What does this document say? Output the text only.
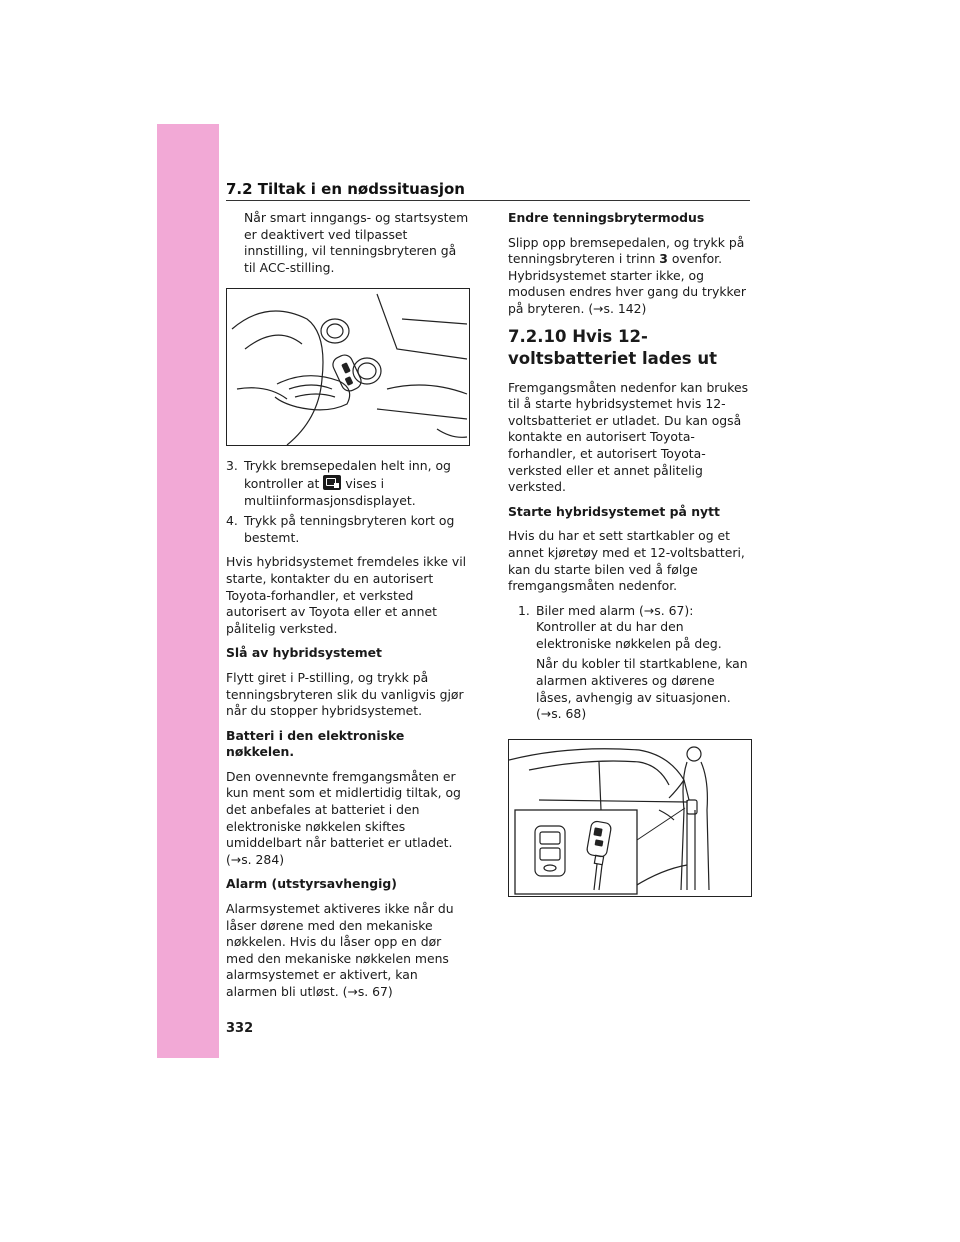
7.2 Tiltak i en nødssituasjon
Når smart inngangs- og startsystem er deaktivert ved tilpasset innstilling, vil tenningsbryteren gå til ACC-stilling.
3. Trykk bremsepedalen helt inn, og kontroller at vises i multiinformasjonsdisplayet.
4. Trykk på tenningsbryteren kort og bestemt.
Hvis hybridsystemet fremdeles ikke vil starte, kontakter du en autorisert Toyota-forhandler, et verksted autorisert av Toyota eller et annet pålitelig verksted.
Slå av hybridsystemet
Flytt giret i P-stilling, og trykk på tenningsbryteren slik du vanligvis gjør når du stopper hybridsystemet.
Batteri i den elektroniske nøkkelen.
Den ovennevnte fremgangsmåten er kun ment som et midlertidig tiltak, og det anbefales at batteriet i den elektroniske nøkkelen skiftes umiddelbart når batteriet er utladet. (→s. 284)
Alarm (utstyrsavhengig)
Alarmsystemet aktiveres ikke når du låser dørene med den mekaniske nøkkelen. Hvis du låser opp en dør med den mekaniske nøkkelen mens alarmsystemet er aktivert, kan alarmen bli utløst. (→s. 67)
Endre tenningsbrytermodus
Slipp opp bremsepedalen, og trykk på tenningsbryteren i trinn 3 ovenfor. Hybridsystemet starter ikke, og modusen endres hver gang du trykker på bryteren. (→s. 142)
7.2.10 Hvis 12-voltsbatteriet lades ut
Fremgangsmåten nedenfor kan brukes til å starte hybridsystemet hvis 12-voltsbatteriet er utladet. Du kan også kontakte en autorisert Toyota-forhandler, et autorisert Toyota-verksted eller et annet pålitelig verksted.
Starte hybridsystemet på nytt
Hvis du har et sett startkabler og et annet kjøretøy med et 12-voltsbatteri, kan du starte bilen ved å følge fremgangsmåten nedenfor.
1. Biler med alarm (→s. 67): Kontroller at du har den elektroniske nøkkelen på deg.
Når du kobler til startkablene, kan alarmen aktiveres og dørene låses, avhengig av situasjonen. (→s. 68)
332
